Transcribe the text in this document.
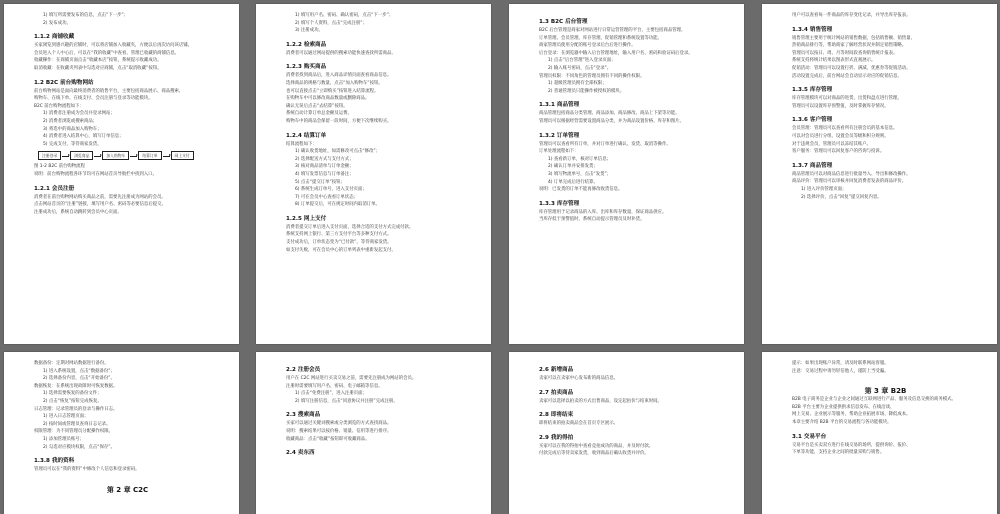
1) 填写所需要发布的信息，点击“下一步”；
2) 发布成功。
1.1.2 商铺收藏
买家浏览到感兴趣的店铺时，可以将店铺加入收藏夹，方便以后再次访问该店铺。
会员进入个人中心后，可以在“我的收藏”中查看、管理已收藏的商铺信息。
收藏操作：在商铺页面点击“收藏本店”按钮，系统提示收藏成功。
取消收藏：在收藏夹列表中勾选对应商铺，点击“取消收藏”按钮。
1.2 B2C 前台购物网站
前台购物网站是面向最终消费者的销售平台，主要包括商品展示、商品搜索、
购物车、在线下单、在线支付、会员注册与登录等功能模块。
B2C 前台购物流程如下：
1) 消费者注册成为会员并登录网站；
2) 消费者浏览或搜索商品；
3) 将选中的商品加入购物车；
4) 消费者进入结算中心，填写订单信息；
5) 完成支付，等待商家发货。
注册登录	浏览商品	加入购物车	结算订单	网上支付
图 1-2 B2C 前台购物流程
说明：前台购物流程各环节均可在网站首页导航栏中找到入口。
1.2.1 会员注册
消费者在前台购物网站购买商品之前，需要先注册成为网站的会员。
点击网站首页的“注册”链接，填写用户名、密码等必要信息后提交。
注册成功后，系统自动跳转到会员中心页面。
1) 填写用户名、密码、确认密码，点击“下一步”；
2) 填写个人资料，点击“完成注册”；
3) 注册成功。
1.2.2 检索商品
消费者可以通过网站提供的搜索功能快速查找所需商品。
1.2.3 购买商品
消费者找到商品后，进入商品详情页面查看商品信息。
选择商品的规格与数量，点击“加入购物车”按钮。
也可以直接点击“立即购买”按钮进入结算流程。
在购物车中可以修改商品数量或删除商品。
确认无误后点击“去结算”按钮。
系统自动计算订单总金额及运费。
购物车中的商品会保留一段时间，方便下次继续购买。
1.2.4 结算订单
结算流程如下：
1) 确认收货地址，如需修改可点击“修改”；
2) 选择配送方式与支付方式；
3) 核对商品清单与订单金额；
4) 填写发票信息与订单备注；
5) 点击“提交订单”按钮；
6) 系统生成订单号，进入支付页面；
7) 可在会员中心查看订单状态；
8) 订单提交后，可在规定时间内取消订单。
1.2.5 网上支付
消费者提交订单后进入支付页面，选择合适的支付方式完成付款。
系统支持网上银行、第三方支付平台等多种支付方式。
支付成功后，订单状态变为“已付款”，等待商家发货。
如支付失败，可在会员中心的订单列表中重新发起支付。
1.3 B2C 后台管理
B2C 后台管理是商家对网站进行日常运营管理的平台，主要包括商品管理、
订单管理、会员管理、库存管理、促销管理和系统设置等功能。
商家管理员使用分配的账号登录后台后进行操作。
后台登录：在浏览器中输入后台管理地址，输入用户名、密码和验证码后登录。
1) 点击“后台管理”进入登录页面；
2) 输入账号密码，点击“登录”。
管理员权限：不同角色的管理员拥有不同的操作权限。
1) 超级管理员拥有全部权限；
2) 普通管理员只能操作被授权的模块。
1.3.1 商品管理
商品管理包括商品分类管理、商品添加、商品修改、商品上下架等功能。
管理员可以根据经营需要设置商品分类，并为商品设置价格、库存和图片。
1.3.2 订单管理
管理员可以查看所有订单，并对订单进行确认、发货、取消等操作。
订单处理流程如下：
1) 查看新订单，核对订单信息；
2) 确认订单并安排发货；
3) 填写物流单号，点击“发货”；
4) 订单完成后进行结算。
说明：已发货的订单不能再修改收货信息。
1.3.3 库存管理
库存管理用于记录商品的入库、出库和库存数量，保证商品供应。
当库存低于预警值时，系统自动提示管理员及时补货。
用户可以查看每一件商品的库存变化记录，并导出库存报表。
1.3.4 销售管理
销售管理主要用于统计网站的销售数据，包括销售额、销售量、
热销商品排行等，帮助商家了解经营状况并制定销售策略。
管理员可以按日、周、月等时间段查询销售统计报表。
系统支持将统计结果以图表形式直观展示。
促销活动：管理员可以设置打折、满减、优惠券等促销活动。
活动设置完成后，前台网站会自动显示对应的促销信息。
1.3.5 库存管理
库存管理模块可以对商品的进货、出货和盘点进行管理。
管理员可以设置库存预警值，及时掌握库存情况。
1.3.6 客户管理
会员管理：管理员可以查看所有注册会员的基本信息。
可以对会员进行分组、设置会员等级和积分规则。
对于违规会员，管理员可以冻结其账户。
客户服务：管理员可以回复客户的咨询与投诉。
1.3.7 商品管理
商品管理员可以对商品信息进行批量导入、导出和修改操作。
商品评价：管理员可以审核并回复消费者发表的商品评价。
1) 进入评价管理页面；
2) 选择评价，点击“回复”提交回复内容。
数据备份：定期对网站数据进行备份。
1) 进入系统设置，点击“数据备份”；
2) 选择备份内容，点击“开始备份”。
数据恢复：在系统出现故障时可恢复数据。
1) 选择需要恢复的备份文件；
2) 点击“恢复”按钮完成恢复。
日志管理：记录管理员的登录与操作日志。
1) 进入日志管理页面；
2) 按时间或管理员查询日志记录。
权限管理：为不同管理员分配操作权限。
1) 添加管理员账号；
2) 勾选对应模块权限，点击“保存”。
1.3.8 我的资料
管理员可以在“我的资料”中修改个人信息和登录密码。
第 2 章 C2C
2.2 注册会员
用户在 C2C 网站进行买卖交易之前，需要先注册成为网站的会员。
注册时需要填写用户名、密码、电子邮箱等信息。
1) 点击“免费注册”，进入注册页面；
2) 填写注册信息，点击“同意协议并注册”完成注册。
2.3 搜索商品
买家可以通过关键词搜索或分类浏览的方式查找商品。
说明：搜索结果可以按价格、销量、信用等进行排序。
收藏商品：点击“收藏”按钮即可收藏商品。
2.4 卖东西
2.6 新增商品
卖家可以在卖家中心发布新的商品信息。
2.7 拍卖商品
卖家可以选择以拍卖的方式出售商品，设定起拍价与结束时间。
2.8 即将结束
即将结束的拍卖商品会在首页专区展示。
2.9 我的得拍
买家可以在我的得拍中查看竞拍成功的商品，并及时付款。
付款完成后等待卖家发货，收到商品后确认收货并评价。
提示：如果出现账户异常，请及时联系网站客服。
注意：交易过程中请勿轻信他人，谨防上当受骗。
第 3 章 B2B
B2B 电子商务是企业与企业之间通过互联网进行产品、服务及信息交换的商务模式。
B2B 平台主要为企业提供供求信息发布、在线洽谈、
网上交易、企业展示等服务，帮助企业拓展市场、降低成本。
本章主要介绍 B2B 平台的交易流程与各功能模块。
3.1 交易平台
交易平台是买卖双方进行在线交易的场所，提供询价、报价、
下单等功能，支持企业之间的批量采购与销售。
